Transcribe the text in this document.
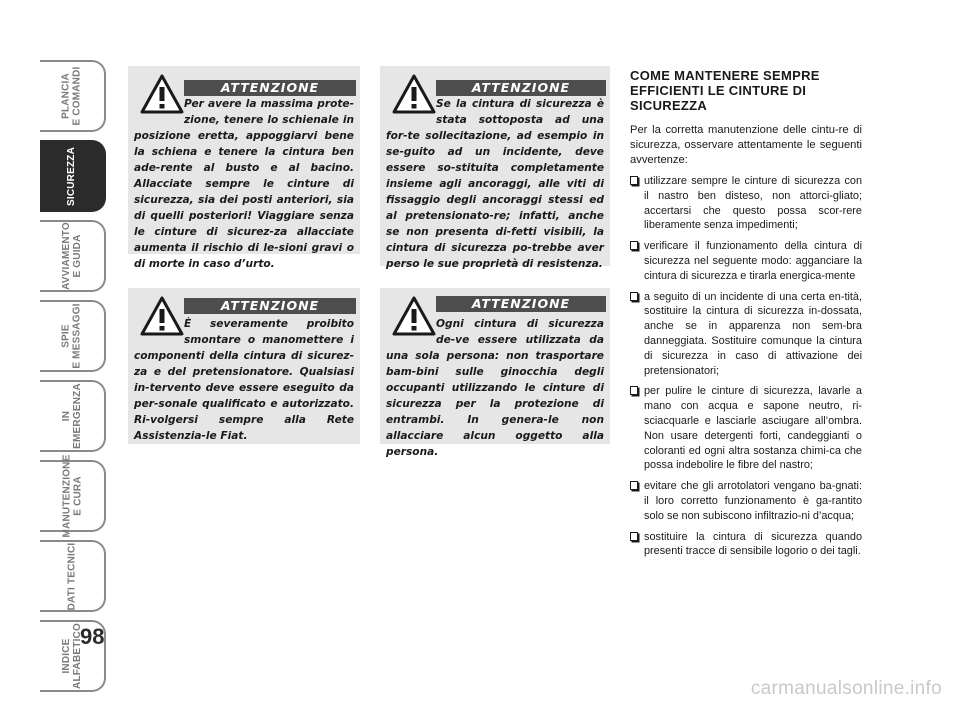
PLANCIA
E COMANDI
SICUREZZA
AVVIAMENTO
E GUIDA
SPIE
E MESSAGGI
IN
EMERGENZA
MANUTENZIONE
E CURA
DATI TECNICI
INDICE
ALFABETICO
98
ATTENZIONE
Per avere la massima prote-zione, tenere lo schienale in posizione eretta, appoggiarvi bene la schiena e tenere la cintura ben ade-rente al busto e al bacino. Allacciate sempre le cinture di sicurezza, sia dei posti anteriori, sia di quelli posteriori! Viaggiare senza le cinture di sicurez-za allacciate aumenta il rischio di le-sioni gravi o di morte in caso d’urto.
ATTENZIONE
Se la cintura di sicurezza è stata sottoposta ad una for-te sollecitazione, ad esempio in se-guito ad un incidente, deve essere so-stituita completamente insieme agli ancoraggi, alle viti di fissaggio degli ancoraggi stessi ed al pretensionato-re; infatti, anche se non presenta di-fetti visibili, la cintura di sicurezza po-trebbe aver perso le sue proprietà di resistenza.
ATTENZIONE
È severamente proibito smontare o manomettere i componenti della cintura di sicurez-za e del pretensionatore. Qualsiasi in-tervento deve essere eseguito da per-sonale qualificato e autorizzato. Ri-volgersi sempre alla Rete Assistenzia-le Fiat.
ATTENZIONE
Ogni cintura di sicurezza de-ve essere utilizzata da una sola persona: non trasportare bam-bini sulle ginocchia degli occupanti utilizzando le cinture di sicurezza per la protezione di entrambi. In genera-le non allacciare alcun oggetto alla persona.
COME MANTENERE SEMPRE EFFICIENTI LE CINTURE DI SICUREZZA

Per la corretta manutenzione delle cintu-re di sicurezza, osservare attentamente le seguenti avvertenze:

utilizzare sempre le cinture di sicurezza con il nastro ben disteso, non attorci-gliato; accertarsi che questo possa scor-rere liberamente senza impedimenti;
verificare il funzionamento della cintura di sicurezza nel seguente modo: agganciare la cintura di sicurezza e tirarla energica-mente
a seguito di un incidente di una certa en-tità, sostituire la cintura di sicurezza in-dossata, anche se in apparenza non sem-bra danneggiata. Sostituire comunque la cintura di sicurezza in caso di attivazione dei pretensionatori;
per pulire le cinture di sicurezza, lavarle a mano con acqua e sapone neutro, ri-sciacquarle e lasciarle asciugare all’ombra. Non usare detergenti forti, candeggianti o coloranti ed ogni altra sostanza chimi-ca che possa indebolire le fibre del nastro;
evitare che gli arrotolatori vengano ba-gnati: il loro corretto funzionamento è ga-rantito solo se non subiscono infiltrazio-ni d’acqua;
sostituire la cintura di sicurezza quando presenti tracce di sensibile logorio o dei tagli.
carmanualsonline.info
